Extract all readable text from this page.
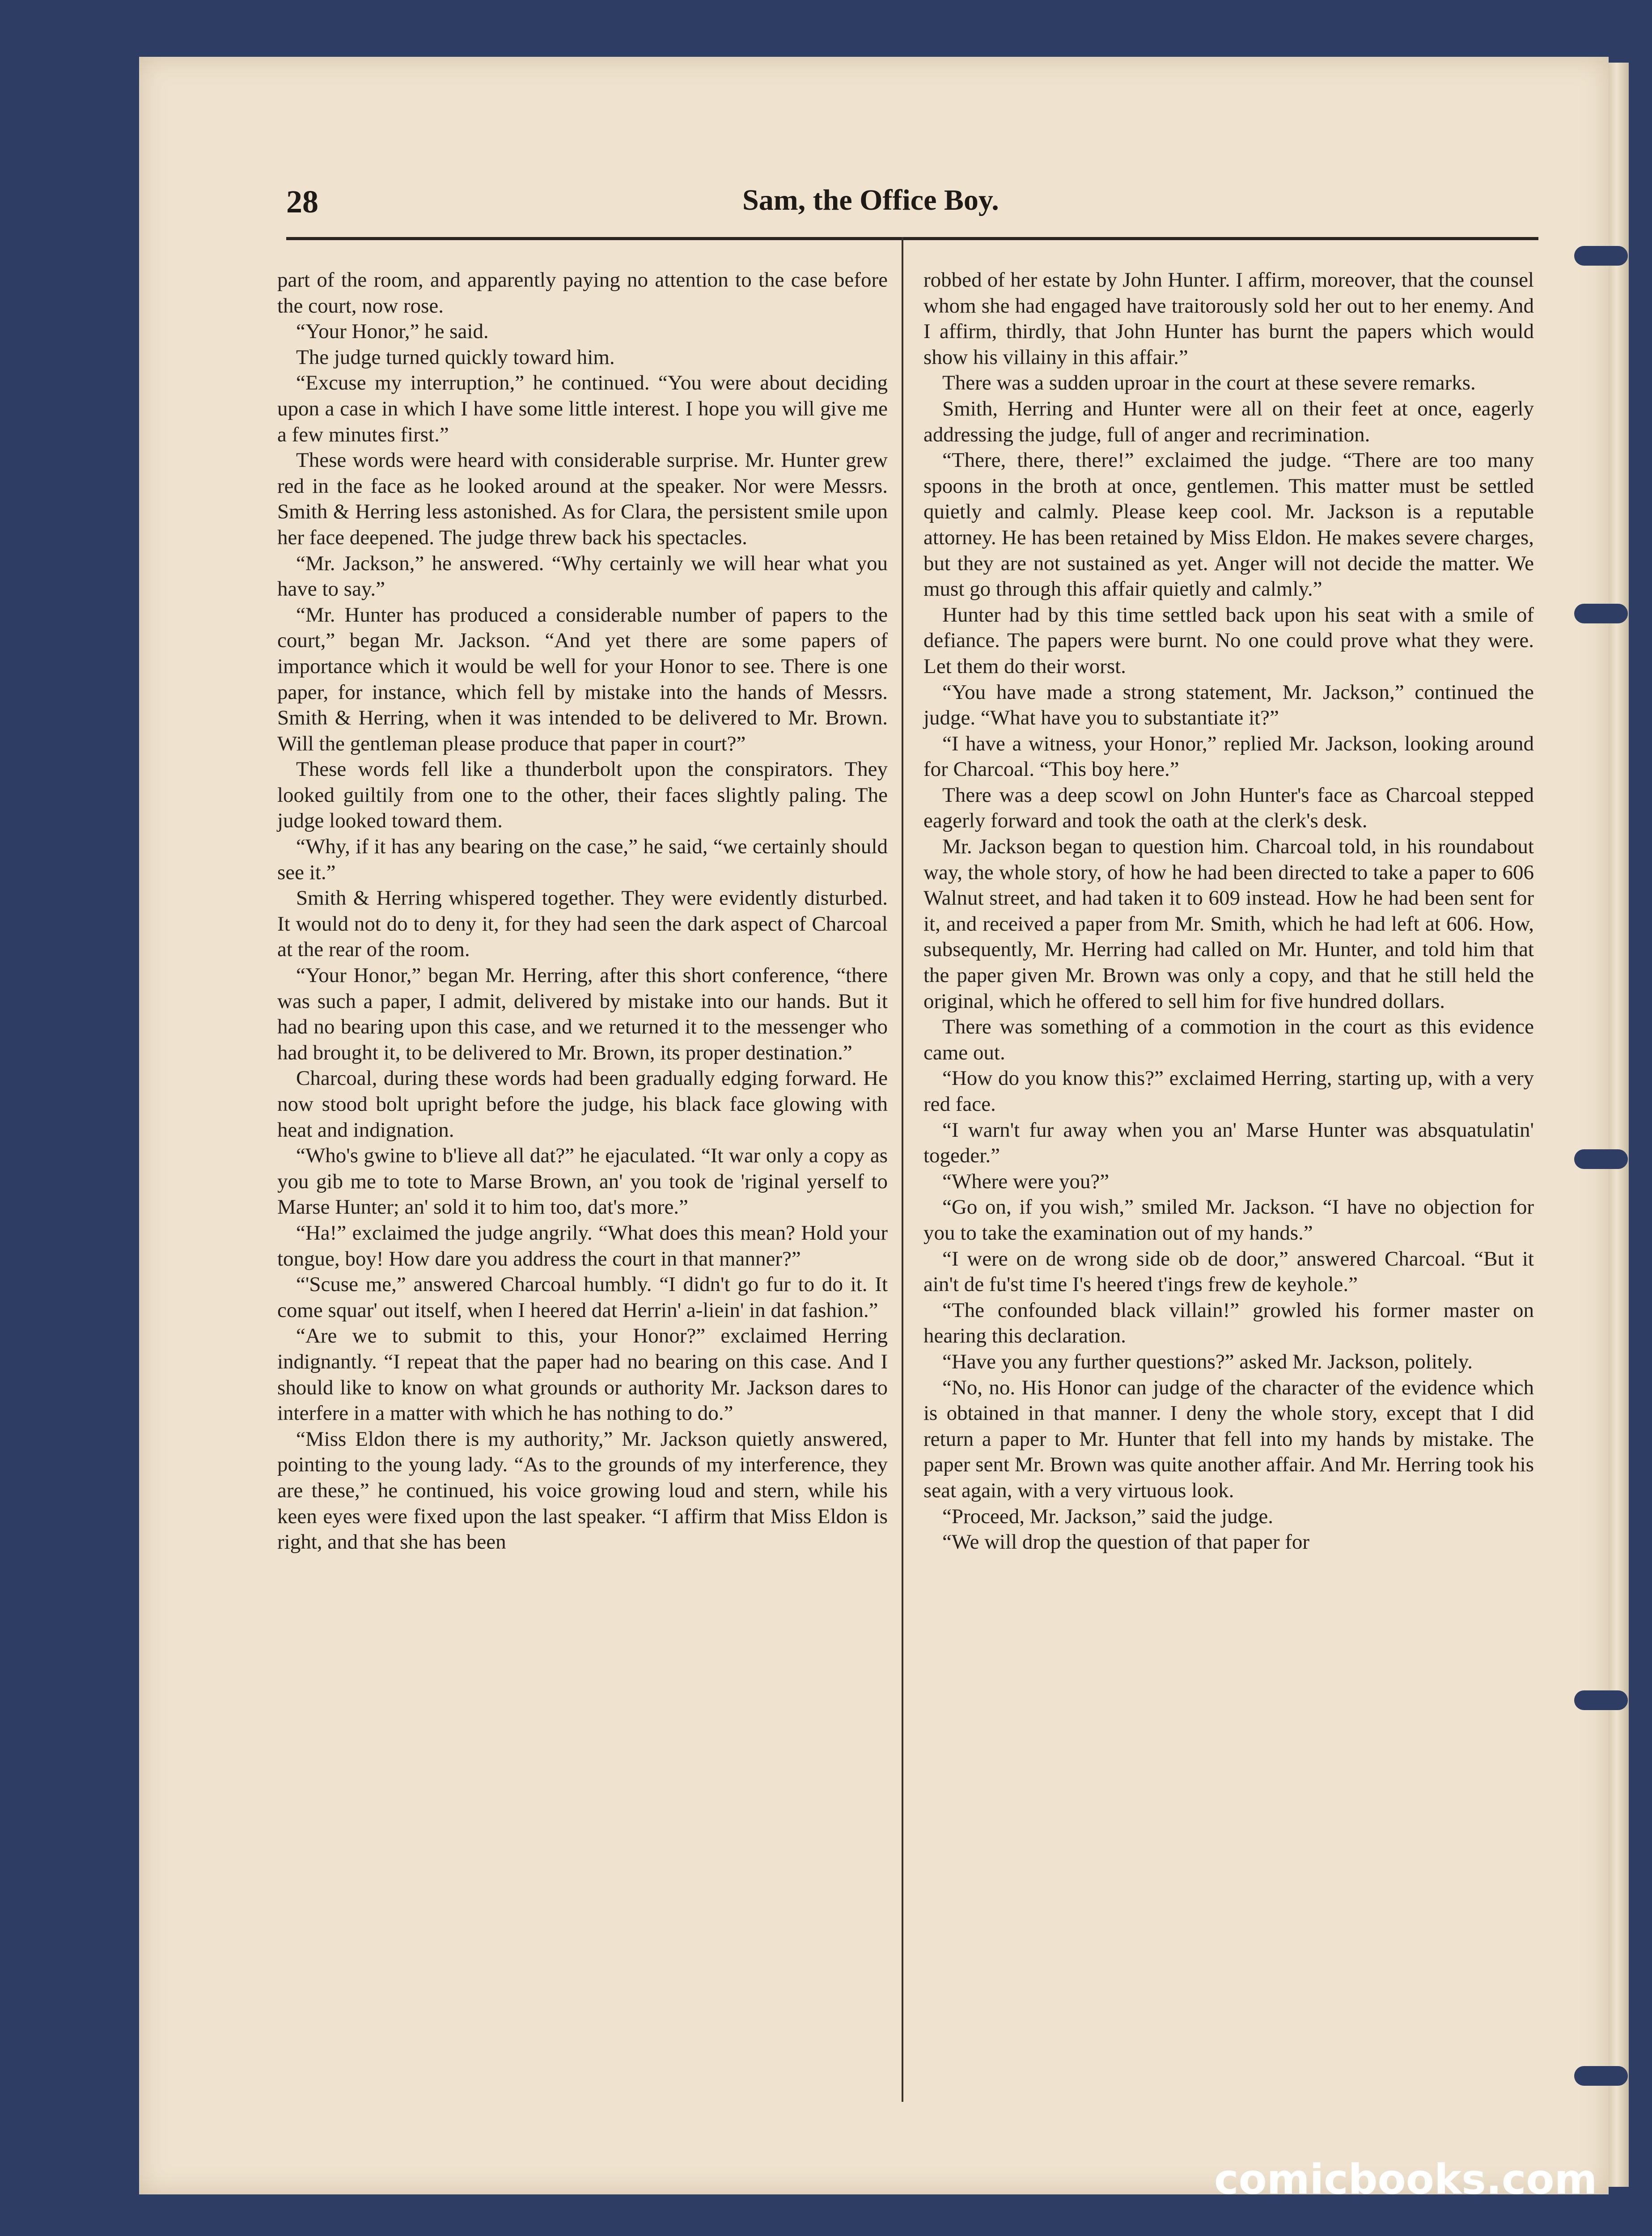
28	Sam, the Office Boy.

part of the room, and apparently paying no attention to the case before the court, now rose.

“Your Honor,” he said.

The judge turned quickly toward him.

“Excuse my interruption,” he continued. “You were about deciding upon a case in which I have some little interest. I hope you will give me a few minutes first.”

These words were heard with considerable surprise. Mr. Hunter grew red in the face as he looked around at the speaker. Nor were Messrs. Smith & Herring less astonished. As for Clara, the persistent smile upon her face deepened. The judge threw back his spectacles.

“Mr. Jackson,” he answered. “Why certainly we will hear what you have to say.”

“Mr. Hunter has produced a considerable number of papers to the court,” began Mr. Jackson. “And yet there are some papers of importance which it would be well for your Honor to see. There is one paper, for instance, which fell by mistake into the hands of Messrs. Smith & Herring, when it was intended to be delivered to Mr. Brown. Will the gentleman please produce that paper in court?”

These words fell like a thunderbolt upon the conspirators. They looked guiltily from one to the other, their faces slightly paling. The judge looked toward them.

“Why, if it has any bearing on the case,” he said, “we certainly should see it.”

Smith & Herring whispered together. They were evidently disturbed. It would not do to deny it, for they had seen the dark aspect of Charcoal at the rear of the room.

“Your Honor,” began Mr. Herring, after this short conference, “there was such a paper, I admit, delivered by mistake into our hands. But it had no bearing upon this case, and we returned it to the messenger who had brought it, to be delivered to Mr. Brown, its proper destination.”

Charcoal, during these words had been gradually edging forward. He now stood bolt upright before the judge, his black face glowing with heat and indignation.

“Who's gwine to b'lieve all dat?” he ejaculated. “It war only a copy as you gib me to tote to Marse Brown, an' you took de 'riginal yerself to Marse Hunter; an' sold it to him too, dat's more.”

“Ha!” exclaimed the judge angrily. “What does this mean? Hold your tongue, boy! How dare you address the court in that manner?”

“'Scuse me,” answered Charcoal humbly. “I didn't go fur to do it. It come squar' out itself, when I heered dat Herrin' a-liein' in dat fashion.”

“Are we to submit to this, your Honor?” exclaimed Herring indignantly. “I repeat that the paper had no bearing on this case. And I should like to know on what grounds or authority Mr. Jackson dares to interfere in a matter with which he has nothing to do.”

“Miss Eldon there is my authority,” Mr. Jackson quietly answered, pointing to the young lady. “As to the grounds of my interference, they are these,” he continued, his voice growing loud and stern, while his keen eyes were fixed upon the last speaker. “I affirm that Miss Eldon is right, and that she has been

robbed of her estate by John Hunter. I affirm, moreover, that the counsel whom she had engaged have traitorously sold her out to her enemy. And I affirm, thirdly, that John Hunter has burnt the papers which would show his villainy in this affair.”

There was a sudden uproar in the court at these severe remarks.

Smith, Herring and Hunter were all on their feet at once, eagerly addressing the judge, full of anger and recrimination.

“There, there, there!” exclaimed the judge. “There are too many spoons in the broth at once, gentlemen. This matter must be settled quietly and calmly. Please keep cool. Mr. Jackson is a reputable attorney. He has been retained by Miss Eldon. He makes severe charges, but they are not sustained as yet. Anger will not decide the matter. We must go through this affair quietly and calmly.”

Hunter had by this time settled back upon his seat with a smile of defiance. The papers were burnt. No one could prove what they were. Let them do their worst.

“You have made a strong statement, Mr. Jackson,” continued the judge. “What have you to substantiate it?”

“I have a witness, your Honor,” replied Mr. Jackson, looking around for Charcoal. “This boy here.”

There was a deep scowl on John Hunter's face as Charcoal stepped eagerly forward and took the oath at the clerk's desk.

Mr. Jackson began to question him. Charcoal told, in his roundabout way, the whole story, of how he had been directed to take a paper to 606 Walnut street, and had taken it to 609 instead. How he had been sent for it, and received a paper from Mr. Smith, which he had left at 606. How, subsequently, Mr. Herring had called on Mr. Hunter, and told him that the paper given Mr. Brown was only a copy, and that he still held the original, which he offered to sell him for five hundred dollars.

There was something of a commotion in the court as this evidence came out.

“How do you know this?” exclaimed Herring, starting up, with a very red face.

“I warn't fur away when you an' Marse Hunter was absquatulatin' togeder.”

“Where were you?”

“Go on, if you wish,” smiled Mr. Jackson. “I have no objection for you to take the examination out of my hands.”

“I were on de wrong side ob de door,” answered Charcoal. “But it ain't de fu'st time I's heered t'ings frew de keyhole.”

“The confounded black villain!” growled his former master on hearing this declaration.

“Have you any further questions?” asked Mr. Jackson, politely.

“No, no. His Honor can judge of the character of the evidence which is obtained in that manner. I deny the whole story, except that I did return a paper to Mr. Hunter that fell into my hands by mistake. The paper sent Mr. Brown was quite another affair. And Mr. Herring took his seat again, with a very virtuous look.

“Proceed, Mr. Jackson,” said the judge.

“We will drop the question of that paper for

comicbooks.com
